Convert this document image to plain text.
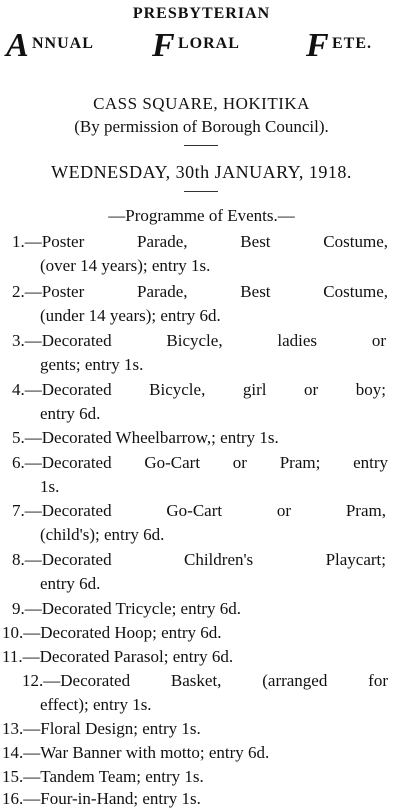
PRESBYTERIAN
A NNUAL F LORAL F ETE.
CASS SQUARE, HOKITIKA
(By permission of Borough Council).
WEDNESDAY, 30th JANUARY, 1918.
—Programme of Events.—
1.—Poster Parade, Best Costume,
(over 14 years); entry 1s.
2.—Poster Parade, Best Costume,
(under 14 years); entry 6d.
3.—Decorated Bicycle, ladies or
gents; entry 1s.
4.—Decorated Bicycle, girl or boy;
entry 6d.
5.—Decorated Wheelbarrow,; entry 1s.
6.—Decorated Go-Cart or Pram; entry
1s.
7.—Decorated Go-Cart or Pram,
(child's); entry 6d.
8.—Decorated Children's Playcart;
entry 6d.
9.—Decorated Tricycle; entry 6d.
10.—Decorated Hoop; entry 6d.
11.—Decorated Parasol; entry 6d.
12.—Decorated Basket, (arranged for
effect); entry 1s.
13.—Floral Design; entry 1s.
14.—War Banner with motto; entry 6d.
15.—Tandem Team; entry 1s.
16.—Four-in-Hand; entry 1s.
